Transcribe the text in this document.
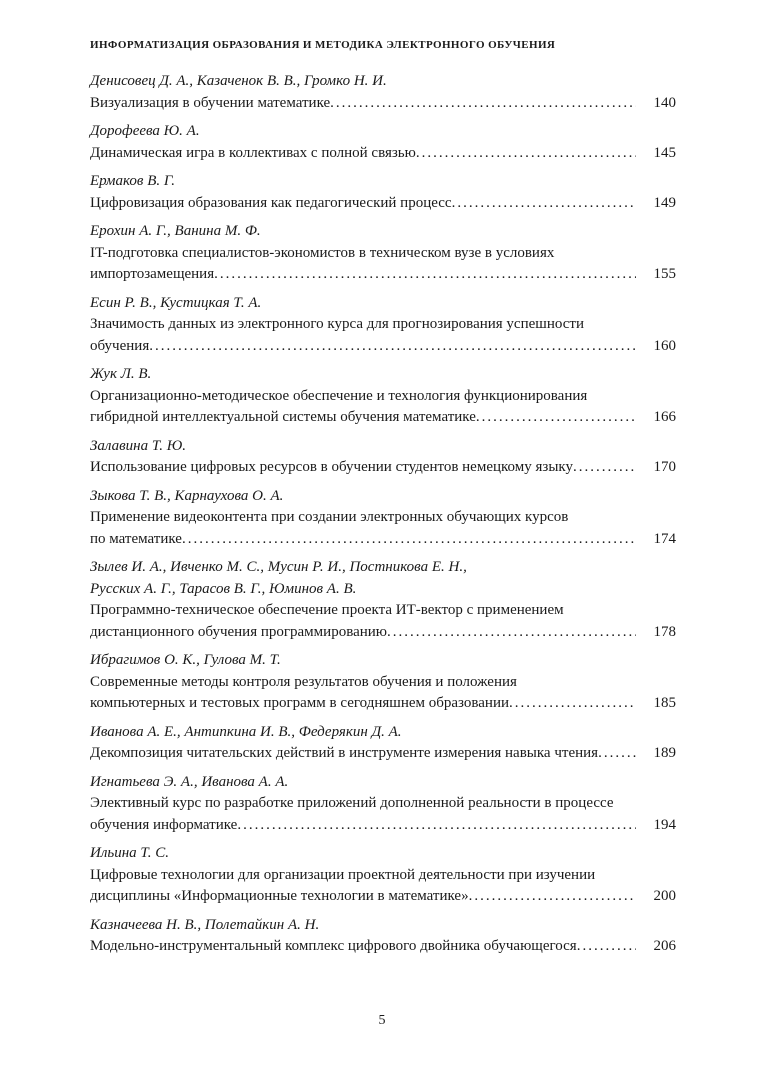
ИНФОРМАТИЗАЦИЯ ОБРАЗОВАНИЯ И МЕТОДИКА ЭЛЕКТРОННОГО ОБУЧЕНИЯ
Денисовец Д. А., Казаченок В. В., Громко Н. И.
Визуализация в обучении математике .....	140
Дорофеева Ю. А.
Динамическая игра в коллективах с полной связью .....	145
Ермаков В. Г.
Цифровизация образования как педагогический процесс .....	149
Ерохин А. Г., Ванина М. Ф.
IT-подготовка специалистов-экономистов в техническом вузе в условиях
импортозамещения .....	155
Есин Р. В., Кустицкая Т. А.
Значимость данных из электронного курса для прогнозирования успешности
обучения .....	160
Жук Л. В.
Организационно-методическое обеспечение и технология функционирования
гибридной интеллектуальной системы обучения математике .....	166
Залавина Т. Ю.
Использование цифровых ресурсов в обучении студентов немецкому языку .....	170
Зыкова Т. В., Карнаухова О. А.
Применение видеоконтента при создании электронных обучающих курсов
по математике .....	174
Зылев И. А., Ивченко М. С., Мусин Р. И., Постникова Е. Н.,
Русских А. Г., Тарасов В. Г., Юминов А. В.
Программно-техническое обеспечение проекта ИТ-вектор с применением
дистанционного обучения программированию .....	178
Ибрагимов О. К., Гулова М. Т.
Современные методы контроля результатов обучения и положения
компьютерных и тестовых программ в сегодняшнем образовании .....	185
Иванова А. Е., Антипкина И. В., Федерякин Д. А.
Декомпозиция читательских действий в инструменте измерения навыка чтения .....	189
Игнатьева Э. А., Иванова А. А.
Элективный курс по разработке приложений дополненной реальности в процессе
обучения информатике .....	194
Ильина Т. С.
Цифровые технологии для организации проектной деятельности при изучении
дисциплины «Информационные технологии в математике» .....	200
Казначеева Н. В., Полетайкин А. Н.
Модельно-инструментальный комплекс цифрового двойника обучающегося .....	206
5
